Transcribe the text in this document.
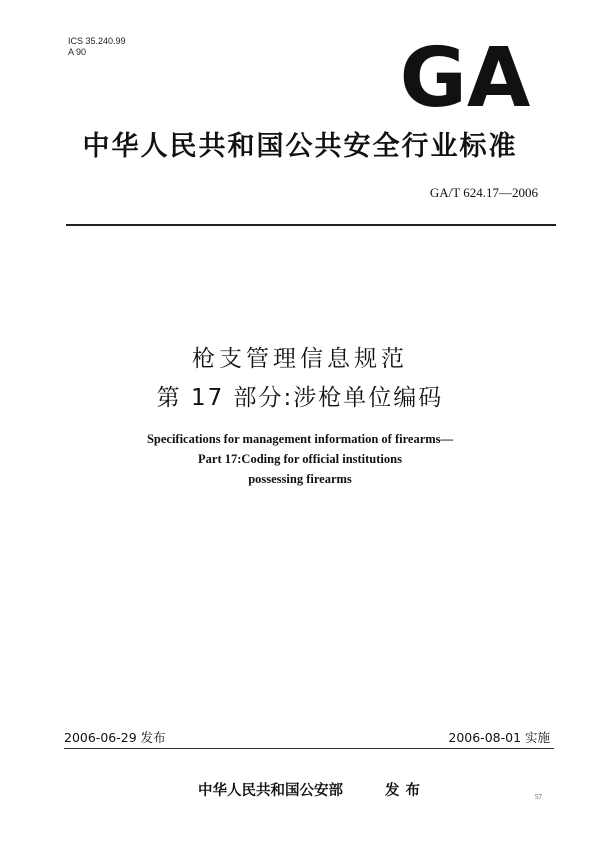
ICS 35.240.99
A 90	GA
中华人民共和国公共安全行业标准
GA/T 624.17—2006
枪支管理信息规范
第 17 部分:涉枪单位编码
Specifications for management information of firearms—
Part 17:Coding for official institutions
possessing firearms
2006-06-29 发布	2006-08-01 实施
中华人民共和国公安部	发布	57
